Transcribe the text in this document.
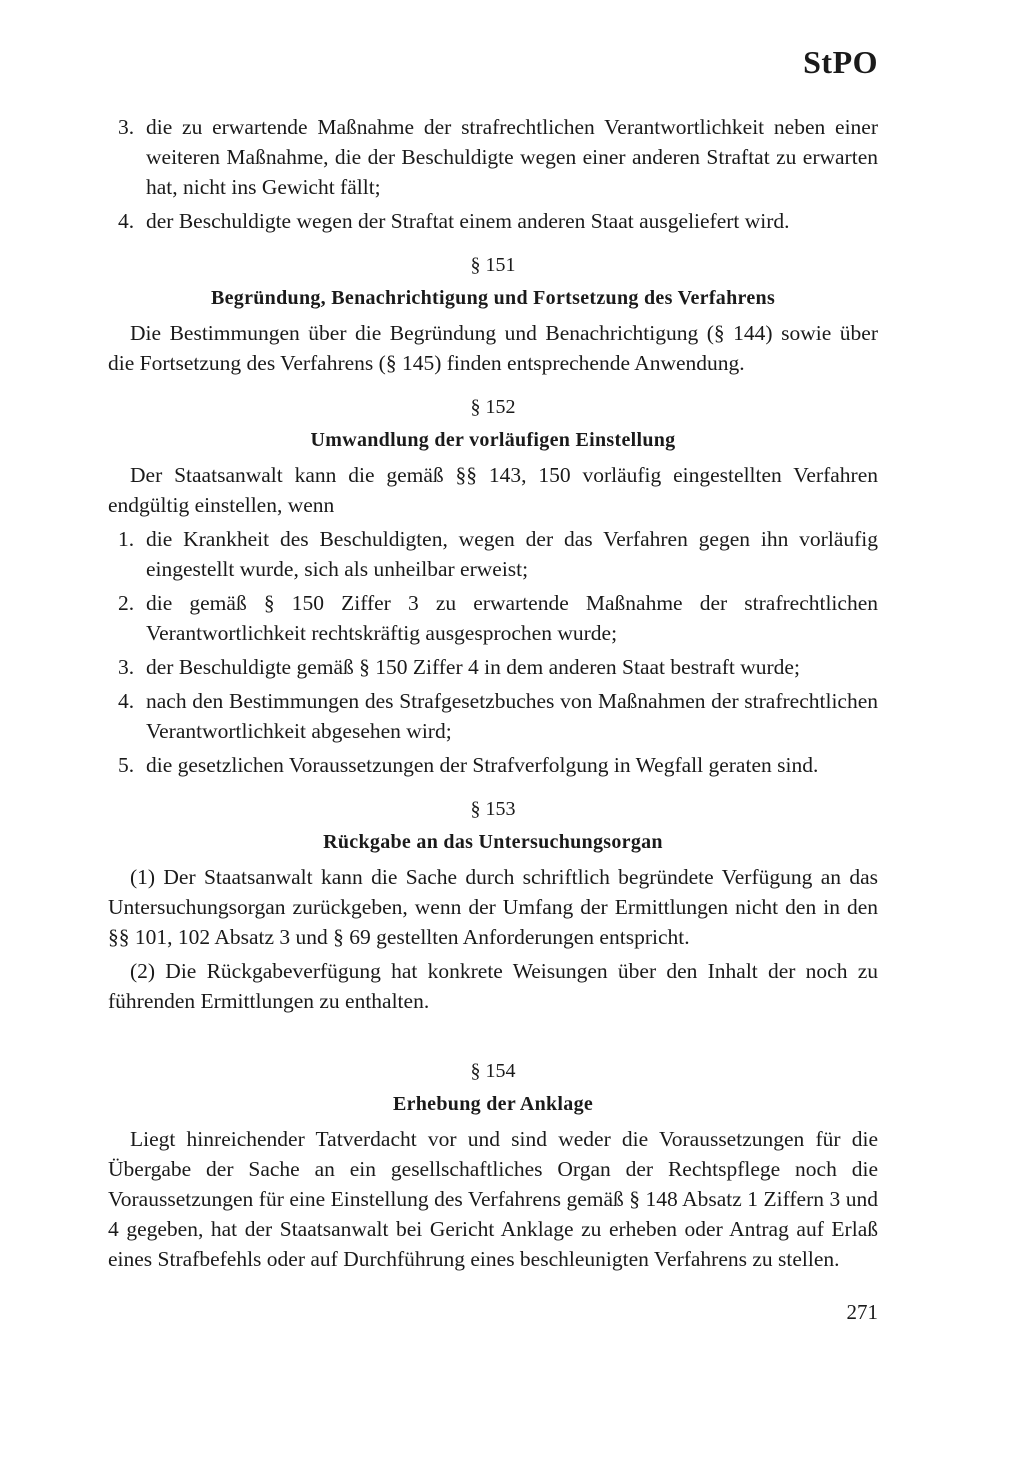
StPO
3. die zu erwartende Maßnahme der strafrechtlichen Verantwortlichkeit neben einer weiteren Maßnahme, die der Beschuldigte wegen einer anderen Straftat zu erwarten hat, nicht ins Gewicht fällt;
4. der Beschuldigte wegen der Straftat einem anderen Staat ausgeliefert wird.
§ 151
Begründung, Benachrichtigung und Fortsetzung des Verfahrens

Die Bestimmungen über die Begründung und Benachrichtigung (§ 144) sowie über die Fortsetzung des Verfahrens (§ 145) finden entsprechende Anwendung.

§ 152
Umwandlung der vorläufigen Einstellung

Der Staatsanwalt kann die gemäß §§ 143, 150 vorläufig eingestellten Verfahren endgültig einstellen, wenn

1. die Krankheit des Beschuldigten, wegen der das Verfahren gegen ihn vorläufig eingestellt wurde, sich als unheilbar erweist;
2. die gemäß § 150 Ziffer 3 zu erwartende Maßnahme der strafrechtlichen Verantwortlichkeit rechtskräftig ausgesprochen wurde;
3. der Beschuldigte gemäß § 150 Ziffer 4 in dem anderen Staat bestraft wurde;
4. nach den Bestimmungen des Strafgesetzbuches von Maßnahmen der strafrechtlichen Verantwortlichkeit abgesehen wird;
5. die gesetzlichen Voraussetzungen der Strafverfolgung in Wegfall geraten sind.
§ 153
Rückgabe an das Untersuchungsorgan

(1) Der Staatsanwalt kann die Sache durch schriftlich begründete Verfügung an das Untersuchungsorgan zurückgeben, wenn der Umfang der Ermittlungen nicht den in den §§ 101, 102 Absatz 3 und § 69 gestellten Anforderungen entspricht.

(2) Die Rückgabeverfügung hat konkrete Weisungen über den Inhalt der noch zu führenden Ermittlungen zu enthalten.

§ 154
Erhebung der Anklage

Liegt hinreichender Tatverdacht vor und sind weder die Voraussetzungen für die Übergabe der Sache an ein gesellschaftliches Organ der Rechtspflege noch die Voraussetzungen für eine Einstellung des Verfahrens gemäß § 148 Absatz 1 Ziffern 3 und 4 gegeben, hat der Staatsanwalt bei Gericht Anklage zu erheben oder Antrag auf Erlaß eines Strafbefehls oder auf Durchführung eines beschleunigten Verfahrens zu stellen.

271
